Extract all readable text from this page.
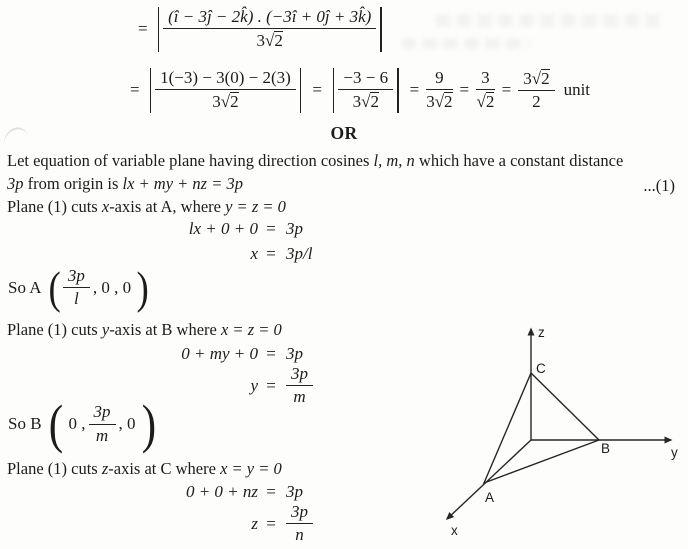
= $\frac{(î - 3ĵ - 2k̂) . (-3î + 0ĵ + 3k̂)}{3√2}$
= $\frac{1(-3) - 3(0) - 2(3)}{3√2} = \frac{-3 - 6}{3√2} = \frac{9}{3√2} = \frac{3}{√2} = \frac{3√2}{2}$ unit
OR
Let equation of variable plane having direction cosines l, m, n which have a constant distance
3p from origin is lx + my + nz = 3p	...(1)
Plane (1) cuts x-axis at A, where y = z = 0
lx + 0 + 0 = 3p
x = 3p/l
So A ( $\frac{3p}{l}$ , 0 , 0 )
Plane (1) cuts y-axis at B where x = z = 0
0 + my + 0 = 3p
$y = \frac{3p}{m}$
So B ( 0 , $\frac{3p}{m}$ , 0 )
Plane (1) cuts z-axis at C where x = y = 0
0 + 0 + nz = 3p
$z = \frac{3p}{n}$
z
C
B	y
A
x
